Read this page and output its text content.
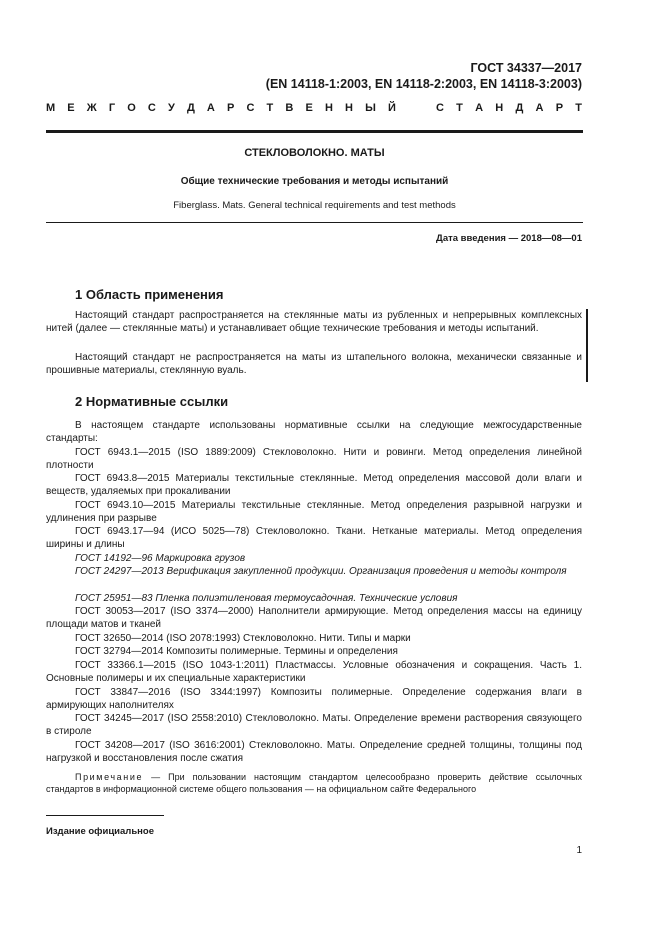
ГОСТ 34337—2017
(EN 14118-1:2003, EN 14118-2:2003, EN 14118-3:2003)
М Е Ж Г О С У Д А Р С Т В Е Н Н Ы Й	С Т А Н Д А Р Т
СТЕКЛОВОЛОКНО. МАТЫ
Общие технические требования и методы испытаний
Fiberglass. Mats. General technical requirements and test methods
Дата введения — 2018—08—01
1 Область применения

Настоящий стандарт распространяется на стеклянные маты из рубленных и непрерывных комплексных нитей (далее — стеклянные маты) и устанавливает общие технические требования и методы испытаний.

Настоящий стандарт не распространяется на маты из штапельного волокна, механически связанные и прошивные материалы, стеклянную вуаль.

2 Нормативные ссылки

В настоящем стандарте использованы нормативные ссылки на следующие межгосударственные стандарты:

ГОСТ 6943.1—2015 (ISO 1889:2009) Стекловолокно. Нити и ровинги. Метод определения линейной плотности

ГОСТ 6943.8—2015 Материалы текстильные стеклянные. Метод определения массовой доли влаги и веществ, удаляемых при прокаливании

ГОСТ 6943.10—2015 Материалы текстильные стеклянные. Метод определения разрывной нагрузки и удлинения при разрыве

ГОСТ 6943.17—94 (ИСО 5025—78) Стекловолокно. Ткани. Нетканые материалы. Метод определения ширины и длины

ГОСТ 14192—96 Маркировка грузов

ГОСТ 24297—2013 Верификация закупленной продукции. Организация проведения и методы контроля

ГОСТ 25951—83 Пленка полиэтиленовая термоусадочная. Технические условия

ГОСТ 30053—2017 (ISO 3374—2000) Наполнители армирующие. Метод определения массы на единицу площади матов и тканей

ГОСТ 32650—2014 (ISO 2078:1993) Стекловолокно. Нити. Типы и марки

ГОСТ 32794—2014 Композиты полимерные. Термины и определения

ГОСТ 33366.1—2015 (ISO 1043-1:2011) Пластмассы. Условные обозначения и сокращения. Часть 1. Основные полимеры и их специальные характеристики

ГОСТ 33847—2016 (ISO 3344:1997) Композиты полимерные. Определение содержания влаги в армирующих наполнителях

ГОСТ 34245—2017 (ISO 2558:2010) Стекловолокно. Маты. Определение времени растворения связующего в стироле

ГОСТ 34208—2017 (ISO 3616:2001) Стекловолокно. Маты. Определение средней толщины, толщины под нагрузкой и восстановления после сжатия

Примечание — При пользовании настоящим стандартом целесообразно проверить действие ссылочных стандартов в информационной системе общего пользования — на официальном сайте Федерального

Издание официальное
1
